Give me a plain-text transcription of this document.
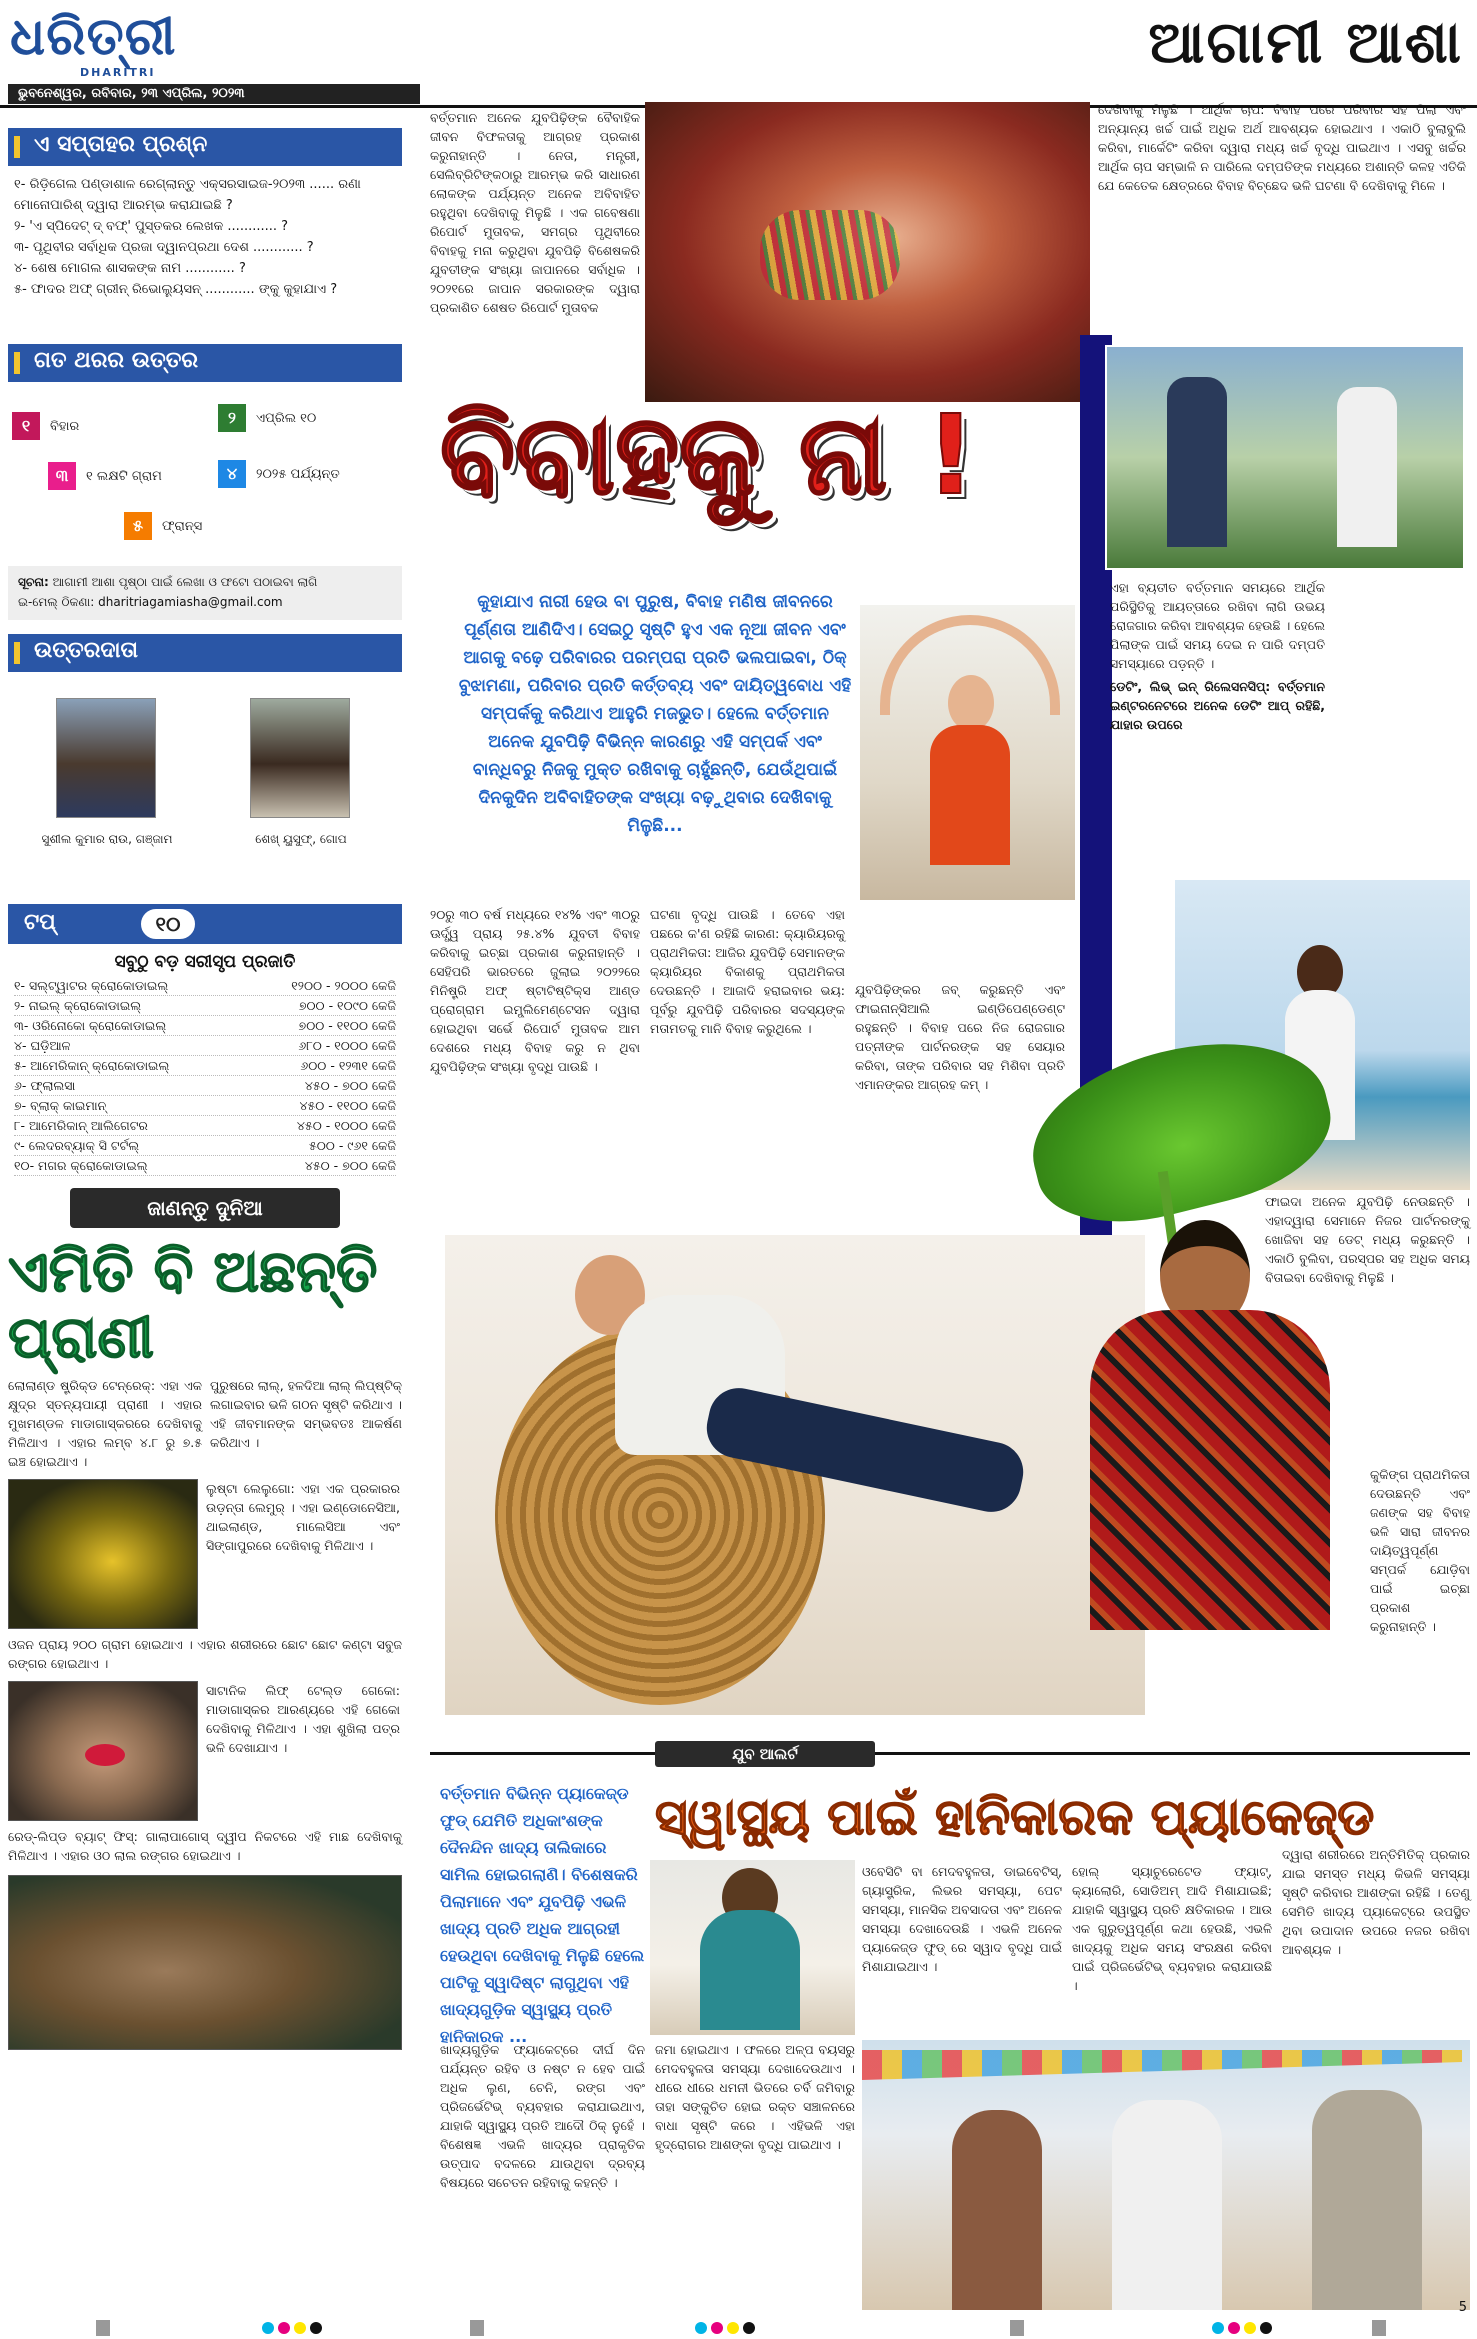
ଧରିତ୍ରୀ
DHARITRI
ଭୁବନେଶ୍ୱର, ରବିବାର, ୨୩ ଏପ୍ରିଲ, ୨୦୨୩
ଆଗାମୀ ଆଶା
ଏ ସପ୍ତାହର ପ୍ରଶ୍ନ
୧- ରିଡ଼ିଗେଲ ପଣ୍ଡାଶାଳ ରେଗ୍ଲାନ୍ତୁ ଏକ୍ସରସାଇଜ-୨୦୨୩ ...... ରଣା
ମୋନୋପାରିଶ୍ ଦ୍ୱାରା ଆରମ୍ଭ କରାଯାଇଛି ?
୨- 'ଏ ସ୍ପିଦେଟ୍ ଦ୍ ବଫ୍' ପୁସ୍ତକର ଲେଖକ ............ ?
୩- ପୃଥିବୀର ସର୍ବାଧିକ ପ୍ରଜା ଦ୍ୱାନପ୍ରଥା ଦେଶ ............ ?
୪- ଶେଷ ମୋଗଲ ଶାସକଙ୍କ ନାମ ............ ?
୫- ଫାଦର ଅଫ୍ ଗ୍ରୀନ୍ ରିଭୋଲ୍ୟୁସନ୍ ............ ଙ୍କୁ କୁହାଯାଏ ?
ଗତ ଥରର ଉତ୍ତର
୧	ବିହାର	୨	ଏପ୍ରିଲ ୧୦
୩	୧ ଲକ୍ଷଟି ଗ୍ରାମ	୪	୨୦୨୫ ପର୍ଯ୍ୟନ୍ତ
୫	ଫ୍ରାନ୍ସ
ସୂଚନା: ଆଗାମୀ ଆଶା ପୃଷ୍ଠା ପାଇଁ ଲେଖା ଓ ଫଟୋ ପଠାଇବା ଲାଗି
ଇ-ମେଲ୍ ଠିକଣା: dharitriagamiasha@gmail.com
ଉତ୍ତରଦାତା
ସୁଶୀଲ କୁମାର ରାଉ, ଗଞ୍ଜାମ	ଶେଖ୍ ୟୁସୁଫ୍, ଗୋପ
ଟପ୍	୧୦
ସବୁଠୁ ବଡ଼ ସରୀସୃପ ପ୍ରଜାତି
୧- ସଲ୍ଟ୍‌ୱାଟର କ୍ରୋକୋଡାଇଲ୍	୧୨୦୦ - ୨୦୦୦ କେଜି
୨- ନାଇଲ୍ କ୍ରୋକୋଡାଇଲ୍	୭୦୦ - ୧୦୯୦ କେଜି
୩- ଓରିନୋକୋ କ୍ରୋକୋଡାଇଲ୍	୭୦୦ - ୧୧୦୦ କେଜି
୪- ଘଡ଼ିଆଳ	୬୮୦ - ୧୦୦୦ କେଜି
୫- ଆମେରିକାନ୍ କ୍ରୋକୋଡାଇଲ୍	୬୦୦ - ୧୨୩୧ କେଜି
୬- ଫ୍ଲାଲସା	୪୫୦ - ୭୦୦ କେଜି
୭- ବ୍ଲାକ୍ କାଇମାନ୍	୪୫୦ - ୧୧୦୦ କେଜି
୮- ଆମେରିକାନ୍ ଆଲିଗେଟର	୪୫୦ - ୧୦୦୦ କେଜି
୯- ଲେଦରବ୍ୟାକ୍ ସି ଟର୍ଟଲ୍	୫୦୦ - ୯୬୧ କେଜି
୧୦- ମଗର କ୍ରୋକୋଡାଇଲ୍	୪୫୦ - ୭୦୦ କେଜି
ଜାଣନ୍ତୁ ଦୁନିଆ
ଏମିତି ବି ଅଛନ୍ତି ପ୍ରାଣୀ
ଲୋଲାଣ୍ଡ ଷ୍ଟ୍ରିକ୍ଡ ଟେନ୍ରେକ୍: ଏହା ଏକ କ୍ଷୁଦ୍ର ସ୍ତନ୍ୟପାୟୀ ପ୍ରାଣୀ । ଏହାର ମୁଖମଣ୍ଡଳ ମାଡାଗାସ୍କରରେ ଦେଖିବାକୁ ମିଳିଥାଏ । ଏହାର ଲମ୍ବ ୪.୮ ରୁ ୭.୫ ଇଞ୍ଚ ହୋଇଥାଏ ।
ପୁରୁଷରେ ଲାଲ୍, ହଳଦିଆ ଲାଲ୍ ଲିପ୍‌ଷ୍ଟିକ୍ ଲଗାଇବାର ଭଳି ଗଠନ ସୃଷ୍ଟି କରିଥାଏ । ଏହି ଜୀବମାନଙ୍କ ସମ୍ଭବତଃ ଆକର୍ଷଣ କରିଥାଏ ।
ଲୁଷ୍ଟା ଲେଲୁଗୋ: ଏହା ଏକ ପ୍ରକାରର ଉଡ଼ନ୍ତା ଲେମୁର୍ । ଏହା ଇଣ୍ଡୋନେସିଆ, ଥାଇଲାଣ୍ଡ, ମାଲେସିଆ ଏବଂ ସିଙ୍ଗାପୁରରେ ଦେଖିବାକୁ ମିଳିଥାଏ ।
ଓଜନ ପ୍ରାୟ ୨୦୦ ଗ୍ରାମ ହୋଇଥାଏ । ଏହାର ଶରୀରରେ ଛୋଟ ଛୋଟ କଣ୍ଟା ସବୁଜ ରଙ୍ଗର ହୋଇଥାଏ ।
ସାଟାନିକ ଲିଫ୍ ଟେଲ୍ଡ ଗେକୋ: ମାଡାଗାସ୍କର ଆରଣ୍ୟରେ ଏହି ଗେକୋ ଦେଖିବାକୁ ମିଳିଥାଏ । ଏହା ଶୁଖିଲା ପତ୍ର ଭଳି ଦେଖାଯାଏ ।
ରେଡ୍-ଲିପ୍ଡ ବ୍ୟାଟ୍ ଫିସ୍: ଗାଲାପାଗୋସ୍ ଦ୍ୱୀପ ନିକଟରେ ଏହି ମାଛ ଦେଖିବାକୁ ମିଳିଥାଏ । ଏହାର ଓଠ ଲାଲ ରଙ୍ଗର ହୋଇଥାଏ ।
ବର୍ତ୍ତମାନ ଅନେକ ଯୁବପିଢ଼ିଙ୍କ ବୈବାହିକ ଜୀବନ ବିଫଳତାକୁ ଆଗ୍ରହ ପ୍ରକାଶ କରୁନାହାନ୍ତି । ନେତା, ମନ୍ତ୍ରୀ, ସେଲିବ୍ରିଟିଙ୍କଠାରୁ ଆରମ୍ଭ କରି ସାଧାରଣ ଲୋକଙ୍କ ପର୍ଯ୍ୟନ୍ତ ଅନେକ ଅବିବାହିତ ରହୁଥିବା ଦେଖିବାକୁ ମିଳୁଛି । ଏକ ଗବେଷଣା ରିପୋର୍ଟ ମୁତାବକ, ସମଗ୍ର ପୃଥିବୀରେ ବିବାହକୁ ମନା କରୁଥିବା ଯୁବପିଢ଼ି ବିଶେଷକରି ଯୁବତୀଙ୍କ ସଂଖ୍ୟା ଜାପାନରେ ସର୍ବାଧିକ । ୨୦୨୧ରେ ଜାପାନ ସରକାରଙ୍କ ଦ୍ୱାରା ପ୍ରକାଶିତ ଶେଷତ ରିପୋର୍ଟ ମୁତାବକ
ଦେଖିବାକୁ ମିଳୁଛି । ଆର୍ଥିକ ଚାପ: ବିବାହ ପରେ ପରିବାର ସହ ପିଲା ଏବଂ ଅନ୍ୟାନ୍ୟ ଖର୍ଚ୍ଚ ପାଇଁ ଅଧିକ ଅର୍ଥ ଆବଶ୍ୟକ ହୋଇଥାଏ । ଏକାଠି ବୁଲାବୁଲି କରିବା, ମାର୍କେଟିଂ କରିବା ଦ୍ୱାରା ମଧ୍ୟ ଖର୍ଚ୍ଚ ବୃଦ୍ଧି ପାଇଥାଏ । ଏସବୁ ଖର୍ଚ୍ଚର ଆର୍ଥିକ ଚାପ ସମ୍ଭାଳି ନ ପାରିଲେ ଦମ୍ପତିଙ୍କ ମଧ୍ୟରେ ଅଶାନ୍ତି କଳହ ଏତିକି ଯେ କେତେକ କ୍ଷେତ୍ରରେ ବିବାହ ବିଚ୍ଛେଦ ଭଳି ଘଟଣା ବି ଦେଖିବାକୁ ମିଳେ ।
ବିବାହକୁ ନା !
କୁହାଯାଏ ନାରୀ ହେଉ ବା ପୁରୁଷ, ବିବାହ ମଣିଷ ଜୀବନରେ ପୂର୍ଣ୍ଣତା ଆଣିଦିଏ। ସେଇଠୁ ସୃଷ୍ଟି ହୁଏ ଏକ ନୂଆ ଜୀବନ ଏବଂ ଆଗକୁ ବଢ଼େ ପରିବାରର ପରମ୍ପରା ପ୍ରତି ଭଲପାଇବା, ଠିକ୍ ବୁଝାମଣା, ପରିବାର ପ୍ରତି କର୍ତ୍ତବ୍ୟ ଏବଂ ଦାୟିତ୍ୱବୋଧ ଏହି ସମ୍ପର୍କକୁ କରିଥାଏ ଆହୁରି ମଜଭୁତ। ହେଲେ ବର୍ତ୍ତମାନ ଅନେକ ଯୁବପିଢ଼ି ବିଭିନ୍ନ କାରଣରୁ ଏହି ସମ୍ପର୍କ ଏବଂ ବାନ୍ଧିବରୁ ନିଜକୁ ମୁକ୍ତ ରଖିବାକୁ ଚାହୁଁଛନ୍ତି, ଯେଉଁଥିପାଇଁ ଦିନକୁଦିନ ଅବିବାହିତଙ୍କ ସଂଖ୍ୟା ବଢ଼ୁଥିବାର ଦେଖିବାକୁ ମିଳୁଛି...
ଏହା ବ୍ୟତୀତ ବର୍ତ୍ତମାନ ସମୟରେ ଆର୍ଥିକ ପରିସ୍ଥିତିକୁ ଆୟତ୍ତାରେ ରଖିବା ଲାଗି ଉଭୟ ରୋଜଗାର କରିବା ଆବଶ୍ୟକ ହେଉଛି । ହେଲେ ପିଲାଙ୍କ ପାଇଁ ସମୟ ଦେଇ ନ ପାରି ଦମ୍ପତି ସମସ୍ୟାରେ ପଡ଼ନ୍ତି ।
ଡେଟିଂ, ଲିଭ୍ ଇନ୍ ରିଲେସନସିପ୍: ବର୍ତ୍ତମାନ ଇଣ୍ଟରନେଟରେ ଅନେକ ଡେଟିଂ ଆପ୍ ରହିଛି, ଯାହାର ଉପରେ
୨୦ରୁ ୩୦ ବର୍ଷ ମଧ୍ୟରେ ୧୪% ଏବଂ ୩୦ରୁ ଊର୍ଦ୍ଧ୍ୱ ପ୍ରାୟ ୨୫.୪% ଯୁବତୀ ବିବାହ କରିବାକୁ ଇଚ୍ଛା ପ୍ରକାଶ କରୁନାହାନ୍ତି । ସେହିପରି ଭାରତରେ ଜୁଲାଇ ୨୦୨୨ରେ ମିନିଷ୍ଟ୍ରି ଅଫ୍ ଷ୍ଟାଟିଷ୍ଟିକ୍ସ ଆଣ୍ଡ ପ୍ରୋଗ୍ରାମ ଇମ୍ପ୍ଲିମେଣ୍ଟେସନ ଦ୍ୱାରା ହୋଇଥିବା ସର୍ଭେ ରିପୋର୍ଟ ମୁତାବକ ଆମ ଦେଶରେ ମଧ୍ୟ ବିବାହ କରୁ ନ ଥିବା ଯୁବପିଢ଼ିଙ୍କ ସଂଖ୍ୟା ବୃଦ୍ଧି ପାଉଛି ।
ଘଟଣା ବୃଦ୍ଧି ପାଉଛି । ତେବେ ଏହା ପଛରେ କ'ଣ ରହିଛି କାରଣ: କ୍ୟାରିୟରକୁ ପ୍ରାଥମିକତା: ଆଜିର ଯୁବପିଢ଼ି ସେମାନଙ୍କ କ୍ୟାରିୟର ବିକାଶକୁ ପ୍ରାଥମିକତା ଦେଉଛନ୍ତି । ଆଜାଦି ହରାଇବାର ଭୟ: ପୂର୍ବରୁ ଯୁବପିଢ଼ି ପରିବାରର ସଦସ୍ୟଙ୍କ ମତାମତକୁ ମାନି ବିବାହ କରୁଥିଲେ ।
ଯୁବପିଢ଼ିଙ୍କର ଜବ୍ କରୁଛନ୍ତି ଏବଂ ଫାଇନାନ୍ସିଆଲି ଇଣ୍ଡିପେଣ୍ଡେଣ୍ଟ ରହୁଛନ୍ତି । ବିବାହ ପରେ ନିଜ ରୋଜଗାର ପତ୍ନୀଙ୍କ ପାର୍ଟନରଙ୍କ ସହ ସେୟାର କରିବା, ତାଙ୍କ ପରିବାର ସହ ମିଶିବା ପ୍ରତି ଏମାନଙ୍କର ଆଗ୍ରହ କମ୍ ।
ଫାଇଦା ଅନେକ ଯୁବପିଢ଼ି ନେଉଛନ୍ତି । ଏହାଦ୍ୱାରା ସେମାନେ ନିଜର ପାର୍ଟନରଙ୍କୁ ଖୋଜିବା ସହ ଡେଟ୍ ମଧ୍ୟ କରୁଛନ୍ତି । ଏକାଠି ବୁଲିବା, ପରସ୍ପର ସହ ଅଧିକ ସମୟ ବିତାଇବା ଦେଖିବାକୁ ମିଳୁଛି ।
କୁକିଙ୍ଗ ପ୍ରାଥମିକତା ଦେଉଛନ୍ତି ଏବଂ ଜଣଙ୍କ ସହ ବିବାହ ଭଳି ସାରା ଜୀବନର ଦାୟିତ୍ୱପୂର୍ଣ୍ଣ ସମ୍ପର୍କ ଯୋଡ଼ିବା ପାଇଁ ଇଚ୍ଛା ପ୍ରକାଶ କରୁନାହାନ୍ତି ।
ଯୁବ ଆଲର୍ଟ
ବର୍ତ୍ତମାନ ବିଭିନ୍ନ ପ୍ୟାକେଜ୍ଡ ଫୁଡ୍ ଯେମିତି ଅଧିକାଂଶଙ୍କ ଦୈନନ୍ଦିନ ଖାଦ୍ୟ ତାଲିକାରେ ସାମିଲ ହୋଇଗଲାଣି। ବିଶେଷକରି ପିଲାମାନେ ଏବଂ ଯୁବପିଢ଼ି ଏଭଳି ଖାଦ୍ୟ ପ୍ରତି ଅଧିକ ଆଗ୍ରହୀ ହେଉଥିବା ଦେଖିବାକୁ ମିଳୁଛି ହେଲେ ପାଟିକୁ ସ୍ୱାଦିଷ୍ଟ ଲାଗୁଥିବା ଏହି ଖାଦ୍ୟଗୁଡ଼ିକ ସ୍ୱାସ୍ଥ୍ୟ ପ୍ରତି ହାନିକାରକ ...
ସ୍ୱାସ୍ଥ୍ୟ ପାଇଁ ହାନିକାରକ ପ୍ୟାକେଜ୍ଡ
ଓବେସିଟି ବା ମେଦବହୁଳତା, ଡାଇବେଟିସ୍, ଗ୍ୟାସ୍ଟ୍ରିକ, ଲିଭର ସମସ୍ୟା, ପେଟ ସମସ୍ୟା, ମାନସିକ ଅବସାଦତା ଏବଂ ଅନେକ ସମସ୍ୟା ଦେଖାଦେଉଛି । ଏଭଳି ଅନେକ ପ୍ୟାକେଜ୍ଡ ଫୁଡ୍ ରେ ସ୍ୱାଦ ବୃଦ୍ଧି ପାଇଁ ମିଶାଯାଇଥାଏ ।
ହୋଲ୍ ସ୍ୟାଚୁରେଟେଡ ଫ୍ୟାଟ୍, କ୍ୟାଲୋରି, ସୋଡିଅମ୍ ଆଦି ମିଶାଯାଇଛି; ଯାହାକି ସ୍ୱାସ୍ଥ୍ୟ ପ୍ରତି କ୍ଷତିକାରକ । ଆଉ ଏକ ଗୁରୁତ୍ୱପୂର୍ଣ୍ଣ କଥା ହେଉଛି, ଏଭଳି ଖାଦ୍ୟକୁ ଅଧିକ ସମୟ ସଂରକ୍ଷଣ କରିବା ପାଇଁ ପ୍ରିଜର୍ଭେଟିଭ୍ ବ୍ୟବହାର କରାଯାଉଛି ।
ଦ୍ୱାରା ଶରୀରରେ ଅନ୍ତିମିତିକ୍ ପ୍ରକାର ଯାଇ ସମସ୍ତ ମଧ୍ୟ କିଭଳି ସମସ୍ୟା ସୃଷ୍ଟି କରିବାର ଆଶଙ୍କା ରହିଛି । ତେଣୁ ସେମିତି ଖାଦ୍ୟ ପ୍ୟାକେଟ୍‌ରେ ଉପସ୍ଥିତ ଥିବା ଉପାଦାନ ଉପରେ ନଜର ରଖିବା ଆବଶ୍ୟକ ।
ଖାଦ୍ୟଗୁଡ଼ିକ ଫ୍ୟାକେଟ୍‌ରେ ଦୀର୍ଘ ଦିନ ପର୍ଯ୍ୟନ୍ତ ରହିବ ଓ ନଷ୍ଟ ନ ହେବ ପାଇଁ ଅଧିକ ଲୁଣ, ଚେନି, ରଙ୍ଗ ଏବଂ ପ୍ରିଜର୍ଭେଟିଭ୍ ବ୍ୟବହାର କରାଯାଇଥାଏ, ଯାହାକି ସ୍ୱାସ୍ଥ୍ୟ ପ୍ରତି ଆଦୌ ଠିକ୍ ନୁହେଁ । ବିଶେଷଜ୍ଞ ଏଭଳି ଖାଦ୍ୟର ପ୍ରାକୃତିକ ଉତ୍ପାଦ ବଦଳରେ ଯାଉଥିବା ଦ୍ରବ୍ୟ ବିଷୟରେ ସଚେତନ ରହିବାକୁ କହନ୍ତି ।
ଜମା ହୋଇଥାଏ । ଫଳରେ ଅଳ୍ପ ବୟସରୁ ମେଦବହୁଳତା ସମସ୍ୟା ଦେଖାଦେଉଥାଏ । ଧୀରେ ଧୀରେ ଧମନୀ ଭିତରେ ଚର୍ବି ଜମିବାରୁ ତାହା ସଙ୍କୁଚିତ ହୋଇ ରକ୍ତ ସଞ୍ଚାଳନରେ ବାଧା ସୃଷ୍ଟି କରେ । ଏହିଭଳି ଏହା ହୃଦ୍‌ରୋଗର ଆଶଙ୍କା ବୃଦ୍ଧି ପାଇଥାଏ ।
5
